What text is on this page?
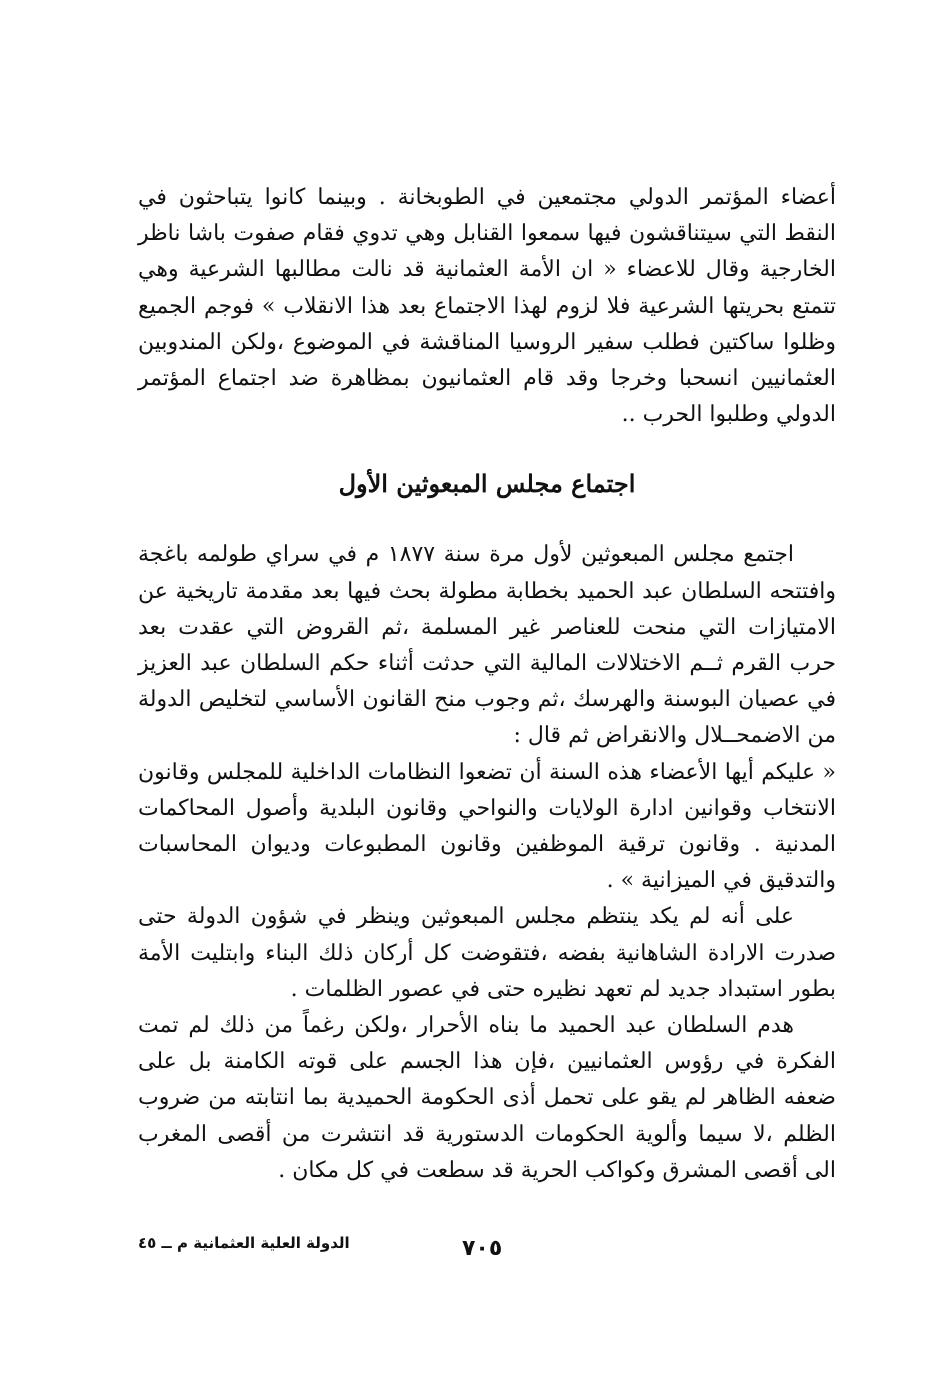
أعضاء المؤتمر الدولي مجتمعين في الطوبخانة . وبينما كانوا يتباحثون في النقط التي سيتناقشون فيها سمعوا القنابل وهي تدوي فقام صفوت باشا ناظر الخارجية وقال للاعضاء « ان الأمة العثمانية قد نالت مطالبها الشرعية وهي تتمتع بحريتها الشرعية فلا لزوم لهذا الاجتماع بعد هذا الانقلاب » فوجم الجميع وظلوا ساكتين فطلب سفير الروسيا المناقشة في الموضوع ،ولكن المندوبين العثمانيين انسحبا وخرجا وقد قام العثمانيون بمظاهرة ضد اجتماع المؤتمر الدولي وطلبوا الحرب ..

اجتماع مجلس المبعوثين الأول

اجتمع مجلس المبعوثين لأول مرة سنة ١٨٧٧ م في سراي طولمه باغجة وافتتحه السلطان عبد الحميد بخطابة مطولة بحث فيها بعد مقدمة تاريخية عن الامتيازات التي منحت للعناصر غير المسلمة ،ثم القروض التي عقدت بعد حرب القرم ثــم الاختلالات المالية التي حدثت أثناء حكم السلطان عبد العزيز في عصيان البوسنة والهرسك ،ثم وجوب منح القانون الأساسي لتخليص الدولة من الاضمحــلال والانقراض ثم قال :

« عليكم أيها الأعضاء هذه السنة أن تضعوا النظامات الداخلية للمجلس وقانون الانتخاب وقوانين ادارة الولايات والنواحي وقانون البلدية وأصول المحاكمات المدنية . وقانون ترقية الموظفين وقانون المطبوعات وديوان المحاسبات والتدقيق في الميزانية » .

على أنه لم يكد ينتظم مجلس المبعوثين وينظر في شؤون الدولة حتى صدرت الارادة الشاهانية بفضه ،فتقوضت كل أركان ذلك البناء وابتليت الأمة بطور استبداد جديد لم تعهد نظيره حتى في عصور الظلمات .

هدم السلطان عبد الحميد ما بناه الأحرار ،ولكن رغماً من ذلك لم تمت الفكرة في رؤوس العثمانيين ،فإن هذا الجسم على قوته الكامنة بل على ضعفه الظاهر لم يقو على تحمل أذى الحكومة الحميدية بما انتابته من ضروب الظلم ،لا سيما وألوية الحكومات الدستورية قد انتشرت من أقصى المغرب الى أقصى المشرق وكواكب الحرية قد سطعت في كل مكان .

٧٠٥
الدولة العلية العثمانية م ــ ٤٥
